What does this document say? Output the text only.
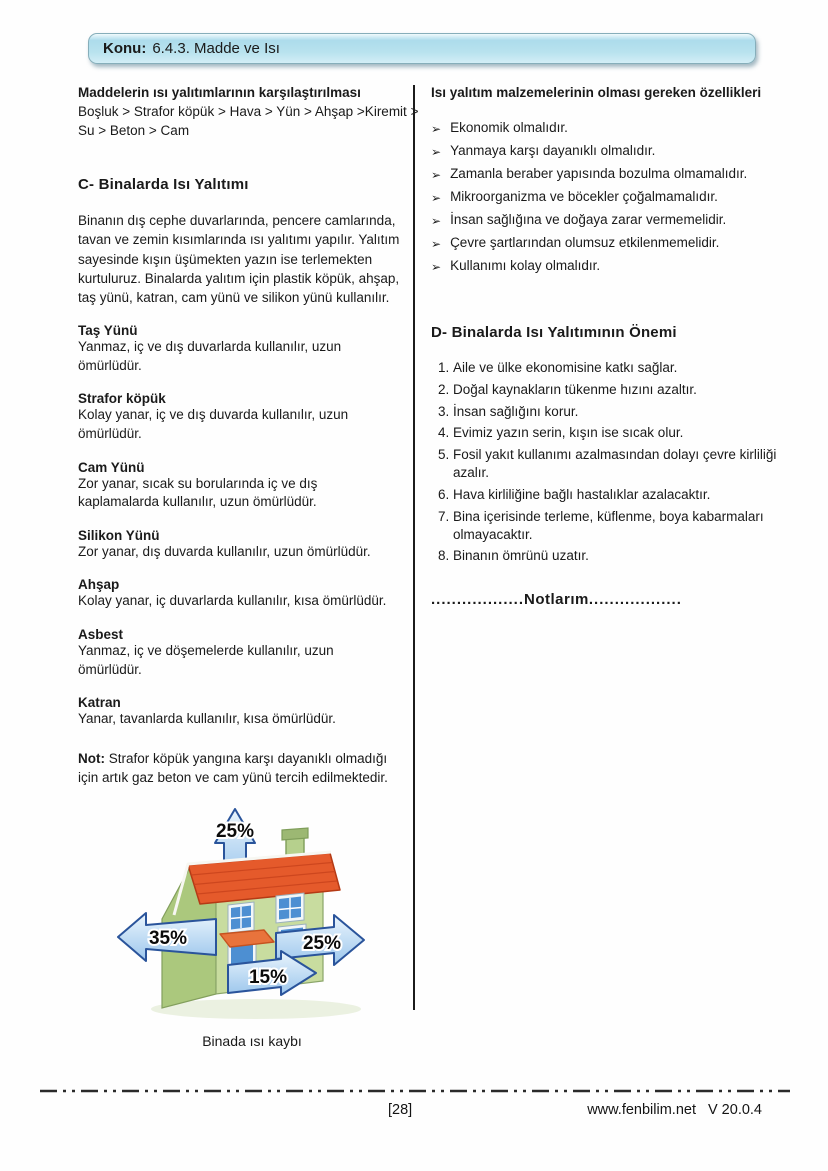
Konu: 6.4.3. Madde ve Isı
Maddelerin ısı yalıtımlarının karşılaştırılması
Boşluk > Strafor köpük > Hava > Yün > Ahşap >Kiremit >
Su > Beton > Cam
C- Binalarda Isı Yalıtımı

Binanın dış cephe duvarlarında, pencere camlarında, tavan ve zemin kısımlarında ısı yalıtımı yapılır. Yalıtım sayesinde kışın üşümekten yazın ise terlemekten kurtuluruz. Binalarda yalıtım için plastik köpük, ahşap, taş yünü, katran, cam yünü ve silikon yünü kullanılır.

Taş Yünü
Yanmaz, iç ve dış duvarlarda kullanılır, uzun ömürlüdür.
Strafor köpük
Kolay yanar, iç ve dış duvarda kullanılır, uzun ömürlüdür.
Cam Yünü
Zor yanar, sıcak su borularında iç ve dış kaplamalarda kullanılır, uzun ömürlüdür.
Silikon Yünü
Zor yanar, dış duvarda kullanılır, uzun ömürlüdür.
Ahşap
Kolay yanar, iç duvarlarda kullanılır, kısa ömürlüdür.
Asbest
Yanmaz, iç ve döşemelerde kullanılır, uzun ömürlüdür.
Katran
Yanar, tavanlarda kullanılır, kısa ömürlüdür.

Not: Strafor köpük yangına karşı dayanıklı olmadığı için artık gaz beton ve cam yünü tercih edilmektedir.

25%
35%	25%
15%
Binada ısı kaybı
Isı yalıtım malzemelerinin olması gereken özellikleri
➢ Ekonomik olmalıdır.
➢ Yanmaya karşı dayanıklı olmalıdır.
➢ Zamanla beraber yapısında bozulma olmamalıdır.
➢ Mikroorganizma ve böcekler çoğalmamalıdır.
➢ İnsan sağlığına ve doğaya zarar vermemelidir.
➢ Çevre şartlarından olumsuz etkilenmemelidir.
➢ Kullanımı kolay olmalıdır.
D- Binalarda Isı Yalıtımının Önemi
1. Aile ve ülke ekonomisine katkı sağlar.
2. Doğal kaynakların tükenme hızını azaltır.
3. İnsan sağlığını korur.
4. Evimiz yazın serin, kışın ise sıcak olur.
5. Fosil yakıt kullanımı azalmasından dolayı çevre kirliliği azalır.
6. Hava kirliliğine bağlı hastalıklar azalacaktır.
7. Bina içerisinde terleme, küflenme, boya kabarmaları olmayacaktır.
8. Binanın ömrünü uzatır.

..................Notlarım..................

[28]	www.fenbilim.net V 20.0.4
